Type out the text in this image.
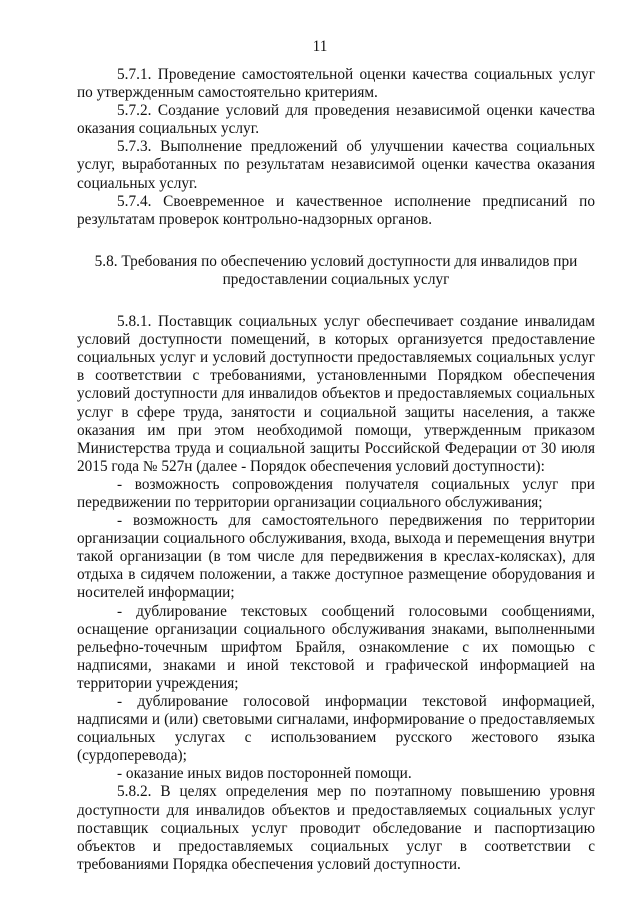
11

5.7.1. Проведение самостоятельной оценки качества социальных услуг по утвержденным самостоятельно критериям.

5.7.2. Создание условий для проведения независимой оценки качества оказания социальных услуг.

5.7.3. Выполнение предложений об улучшении качества социальных услуг, выработанных по результатам независимой оценки качества оказания социальных услуг.

5.7.4. Своевременное и качественное исполнение предписаний по результатам проверок контрольно-надзорных органов.

5.8. Требования по обеспечению условий доступности для инвалидов при предоставлении социальных услуг

5.8.1. Поставщик социальных услуг обеспечивает создание инвалидам условий доступности помещений, в которых организуется предоставление социальных услуг и условий доступности предоставляемых социальных услуг в соответствии с требованиями, установленными Порядком обеспечения условий доступности для инвалидов объектов и предоставляемых социальных услуг в сфере труда, занятости и социальной защиты населения, а также оказания им при этом необходимой помощи, утвержденным приказом Министерства труда и социальной защиты Российской Федерации от 30 июля 2015 года № 527н (далее - Порядок обеспечения условий доступности):

- возможность сопровождения получателя социальных услуг при передвижении по территории организации социального обслуживания;

- возможность для самостоятельного передвижения по территории организации социального обслуживания, входа, выхода и перемещения внутри такой организации (в том числе для передвижения в креслах-колясках), для отдыха в сидячем положении, а также доступное размещение оборудования и носителей информации;

- дублирование текстовых сообщений голосовыми сообщениями, оснащение организации социального обслуживания знаками, выполненными рельефно-точечным шрифтом Брайля, ознакомление с их помощью с надписями, знаками и иной текстовой и графической информацией на территории учреждения;

- дублирование голосовой информации текстовой информацией, надписями и (или) световыми сигналами, информирование о предоставляемых социальных услугах с использованием русского жестового языка (сурдоперевода);

- оказание иных видов посторонней помощи.

5.8.2. В целях определения мер по поэтапному повышению уровня доступности для инвалидов объектов и предоставляемых социальных услуг поставщик социальных услуг проводит обследование и паспортизацию объектов и предоставляемых социальных услуг в соответствии с требованиями Порядка обеспечения условий доступности.
